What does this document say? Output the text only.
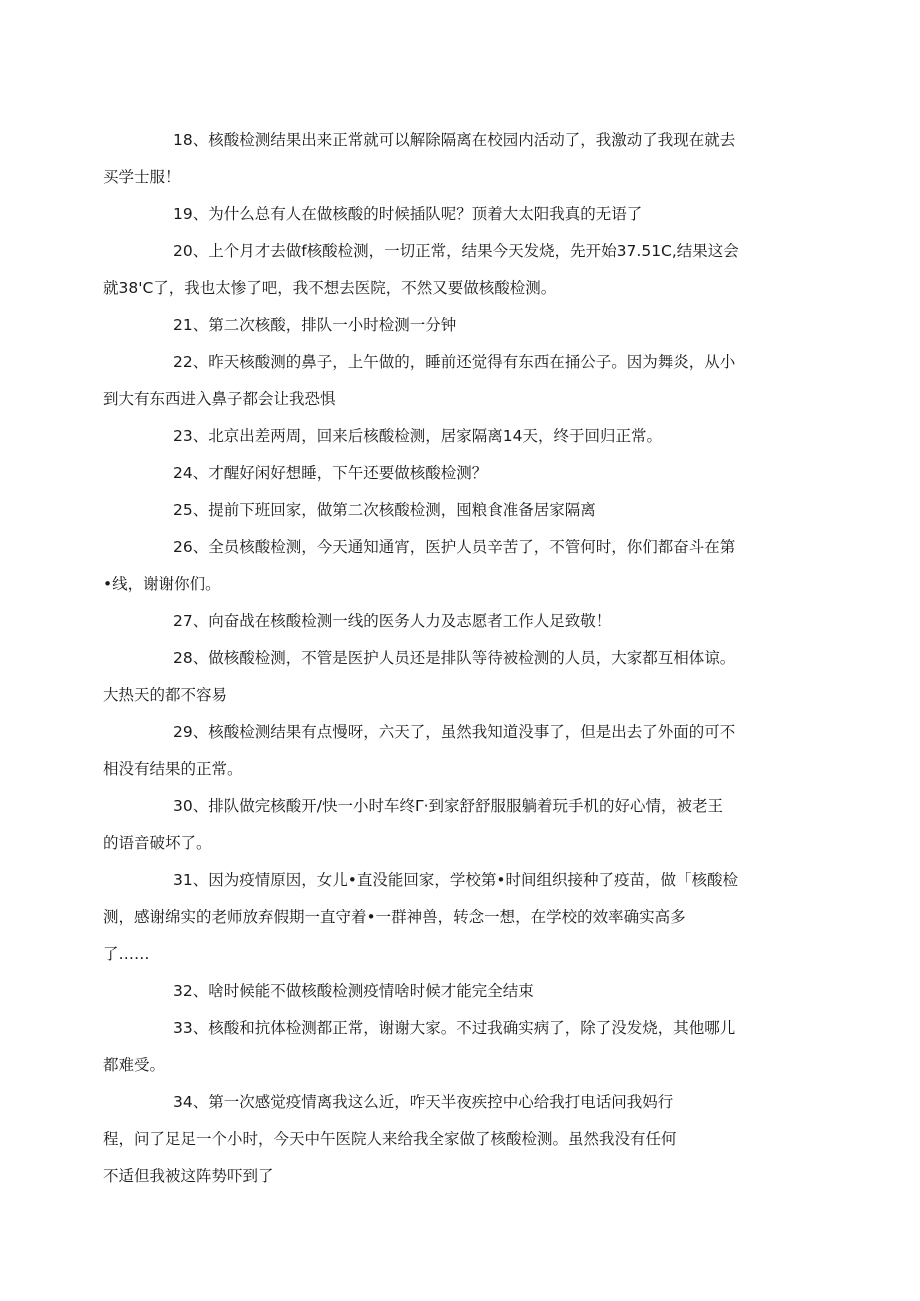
18、核酸检测结果出来正常就可以解除隔离在校园内活动了，我激动了我现在就去
买学士服！
19、为什么总有人在做核酸的时候插队呢？顶着大太阳我真的无语了
20、上个月才去做f核酸检测，一切正常，结果今天发烧，先开始37.51C,结果这会
就38'C了，我也太惨了吧，我不想去医院，不然又要做核酸检测。
21、第二次核酸，排队一小时检测一分钟
22、昨天核酸测的鼻子，上午做的，睡前还觉得有东西在捅公子。因为舞炎，从小
到大有东西进入鼻子都会让我恐惧
23、北京出差两周，回来后核酸检测，居家隔离14天，终于回归正常。
24、才醒好闲好想睡，下午还要做核酸检测？
25、提前下班回家，做第二次核酸检测，囤粮食准备居家隔离
26、全员核酸检测，今天通知通宵，医护人员辛苦了，不管何时，你们都奋斗在第
•线，谢谢你们。
27、向奋战在核酸检测一线的医务人力及志愿者工作人足致敬！
28、做核酸检测，不管是医护人员还是排队等待被检测的人员，大家都互相体谅。
大热天的都不容易
29、核酸检测结果有点慢呀，六天了，虽然我知道没事了，但是出去了外面的可不
相没有结果的正常。
30、排队做完核酸开/快一小时车终Γ·到家舒舒服服躺着玩手机的好心情，被老王
的语音破坏了。
31、因为疫情原因，女儿•直没能回家，学校第•时间组织接种了疫苗，做「核酸检
测，感谢绵实的老师放弃假期一直守着•一群神兽，转念一想，在学校的效率确实高多
了……
32、啥时候能不做核酸检测疫情啥时候才能完全结束
33、核酸和抗体检测都正常，谢谢大家。不过我确实病了，除了没发烧，其他哪儿
都难受。
34、第一次感觉疫情离我这么近，咋天半夜疾控中心给我打电话问我妈行
程，问了足足一个小时，今天中午医院人来给我全家做了核酸检测。虽然我没有任何
不适但我被这阵势吓到了
